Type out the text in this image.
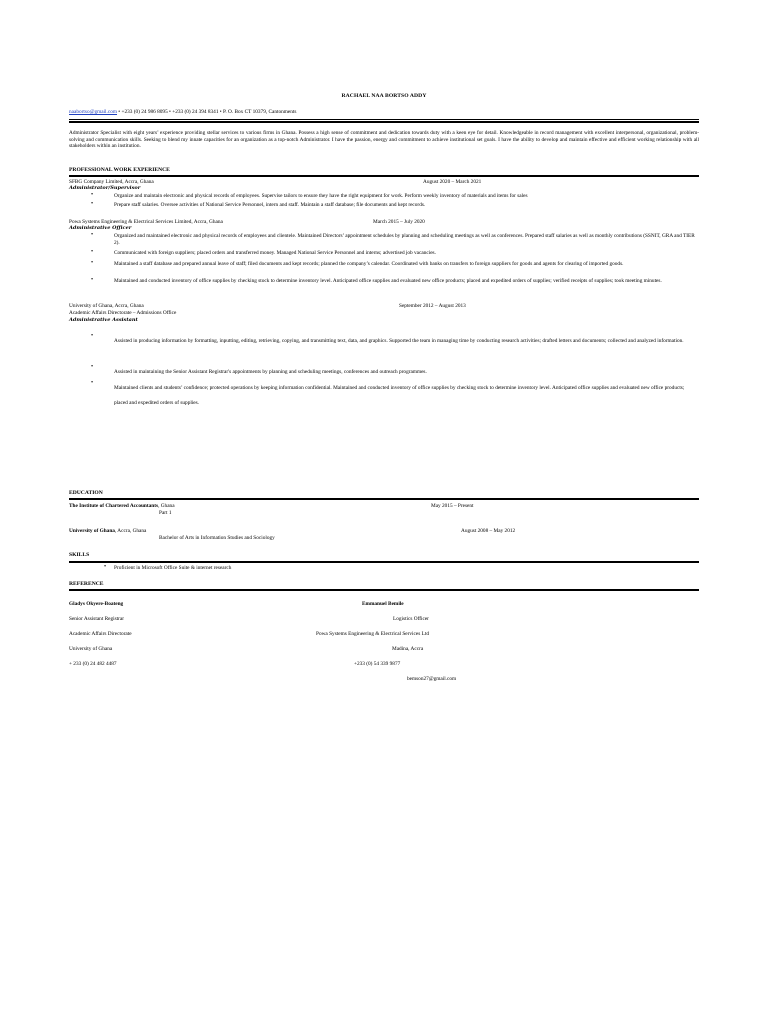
RACHAEL NAA BORTSO ADDY
naabortso@gmail.com • +233 (0) 24 986 8095 • +233 (0) 24 394 8341 • P. O. Box CT 10379, Cantonments
Administrator Specialist with eight years’ experience providing stellar services to various firms in Ghana. Possess a high sense of commitment and dedication towards duty with a keen eye for detail. Knowledgeable in record management with excellent interpersonal, organizational, problem-solving and communication skills. Seeking to blend my innate capacities for an organization as a top-notch Administrator. I have the passion, energy and commitment to achieve institutional set goals. I have the ability to develop and maintain effective and efficient working relationship with all stakeholders within an institution.
PROFESSIONAL WORK EXPERIENCE
SFBG Company Limited, Accra, Ghana	August 2020 – March 2021
Administrator/Supervisor
•	Organize and maintain electronic and physical records of employees. Supervise tailors to ensure they have the right equipment for work. Perform weekly inventory of materials and items for sales
•	Prepare staff salaries. Oversee activities of National Service Personnel, intern and staff. Maintain a staff database; file documents and kept records.
Powa Systems Engineering & Electrical Services Limited, Accra, Ghana	March 2015 – July 2020
Administrative Officer
•	Organized and maintained electronic and physical records of employees and clientele. Maintained Directors’ appointment schedules by planning and scheduling meetings as well as conferences. Prepared staff salaries as well as monthly contributions (SSNIT, GRA and TIER 2).
•	Communicated with foreign suppliers; placed orders and transferred money. Managed National Service Personnel and interns; advertised job vacancies.
•	Maintained a staff database and prepared annual leave of staff; filed documents and kept records; planned the company’s calendar. Coordinated with banks on transfers to foreign suppliers for goods and agents for clearing of imported goods.
•	Maintained and conducted inventory of office supplies by checking stock to determine inventory level. Anticipated office supplies and evaluated new office products; placed and expedited orders of supplies; verified receipts of supplies; took meeting minutes.
University of Ghana, Accra, Ghana	September 2012 – August 2013
Academic Affairs Directorate – Admissions Office
Administrative Assistant
•
Assisted in producing information by formatting, inputting, editing, retrieving, copying, and transmitting text, data, and graphics. Supported the team in managing time by conducting research activities; drafted letters and documents; collected and analyzed information.
•
Assisted in maintaining the Senior Assistant Registrar's appointments by planning and scheduling meetings, conferences and outreach programmes.
•
Maintained clients and students’ confidence; protected operations by keeping information confidential. Maintained and conducted inventory of office supplies by checking stock to determine inventory level. Anticipated office supplies and evaluated new office products; placed and expedited orders of supplies.
EDUCATION
The Institute of Chartered Accountants, Ghana	May 2015 – Present
Part 1
University of Ghana, Accra, Ghana	August 2008 – May 2012
Bachelor of Arts in Information Studies and Sociology
SKILLS
• Proficient in Microsoft Office Suite & internet research
REFERENCE
Gladys Okyere-Boateng
Senior Assistant Registrar
Academic Affairs Directorate
University of Ghana
+ 233 (0) 24 482 4487
Emmanuel Bemile
Logistics Officer
Powa Systems Engineering & Electrical Services Ltd
Madina, Accra
+233 (0) 54 339 9877
bemson27@gmail.com
